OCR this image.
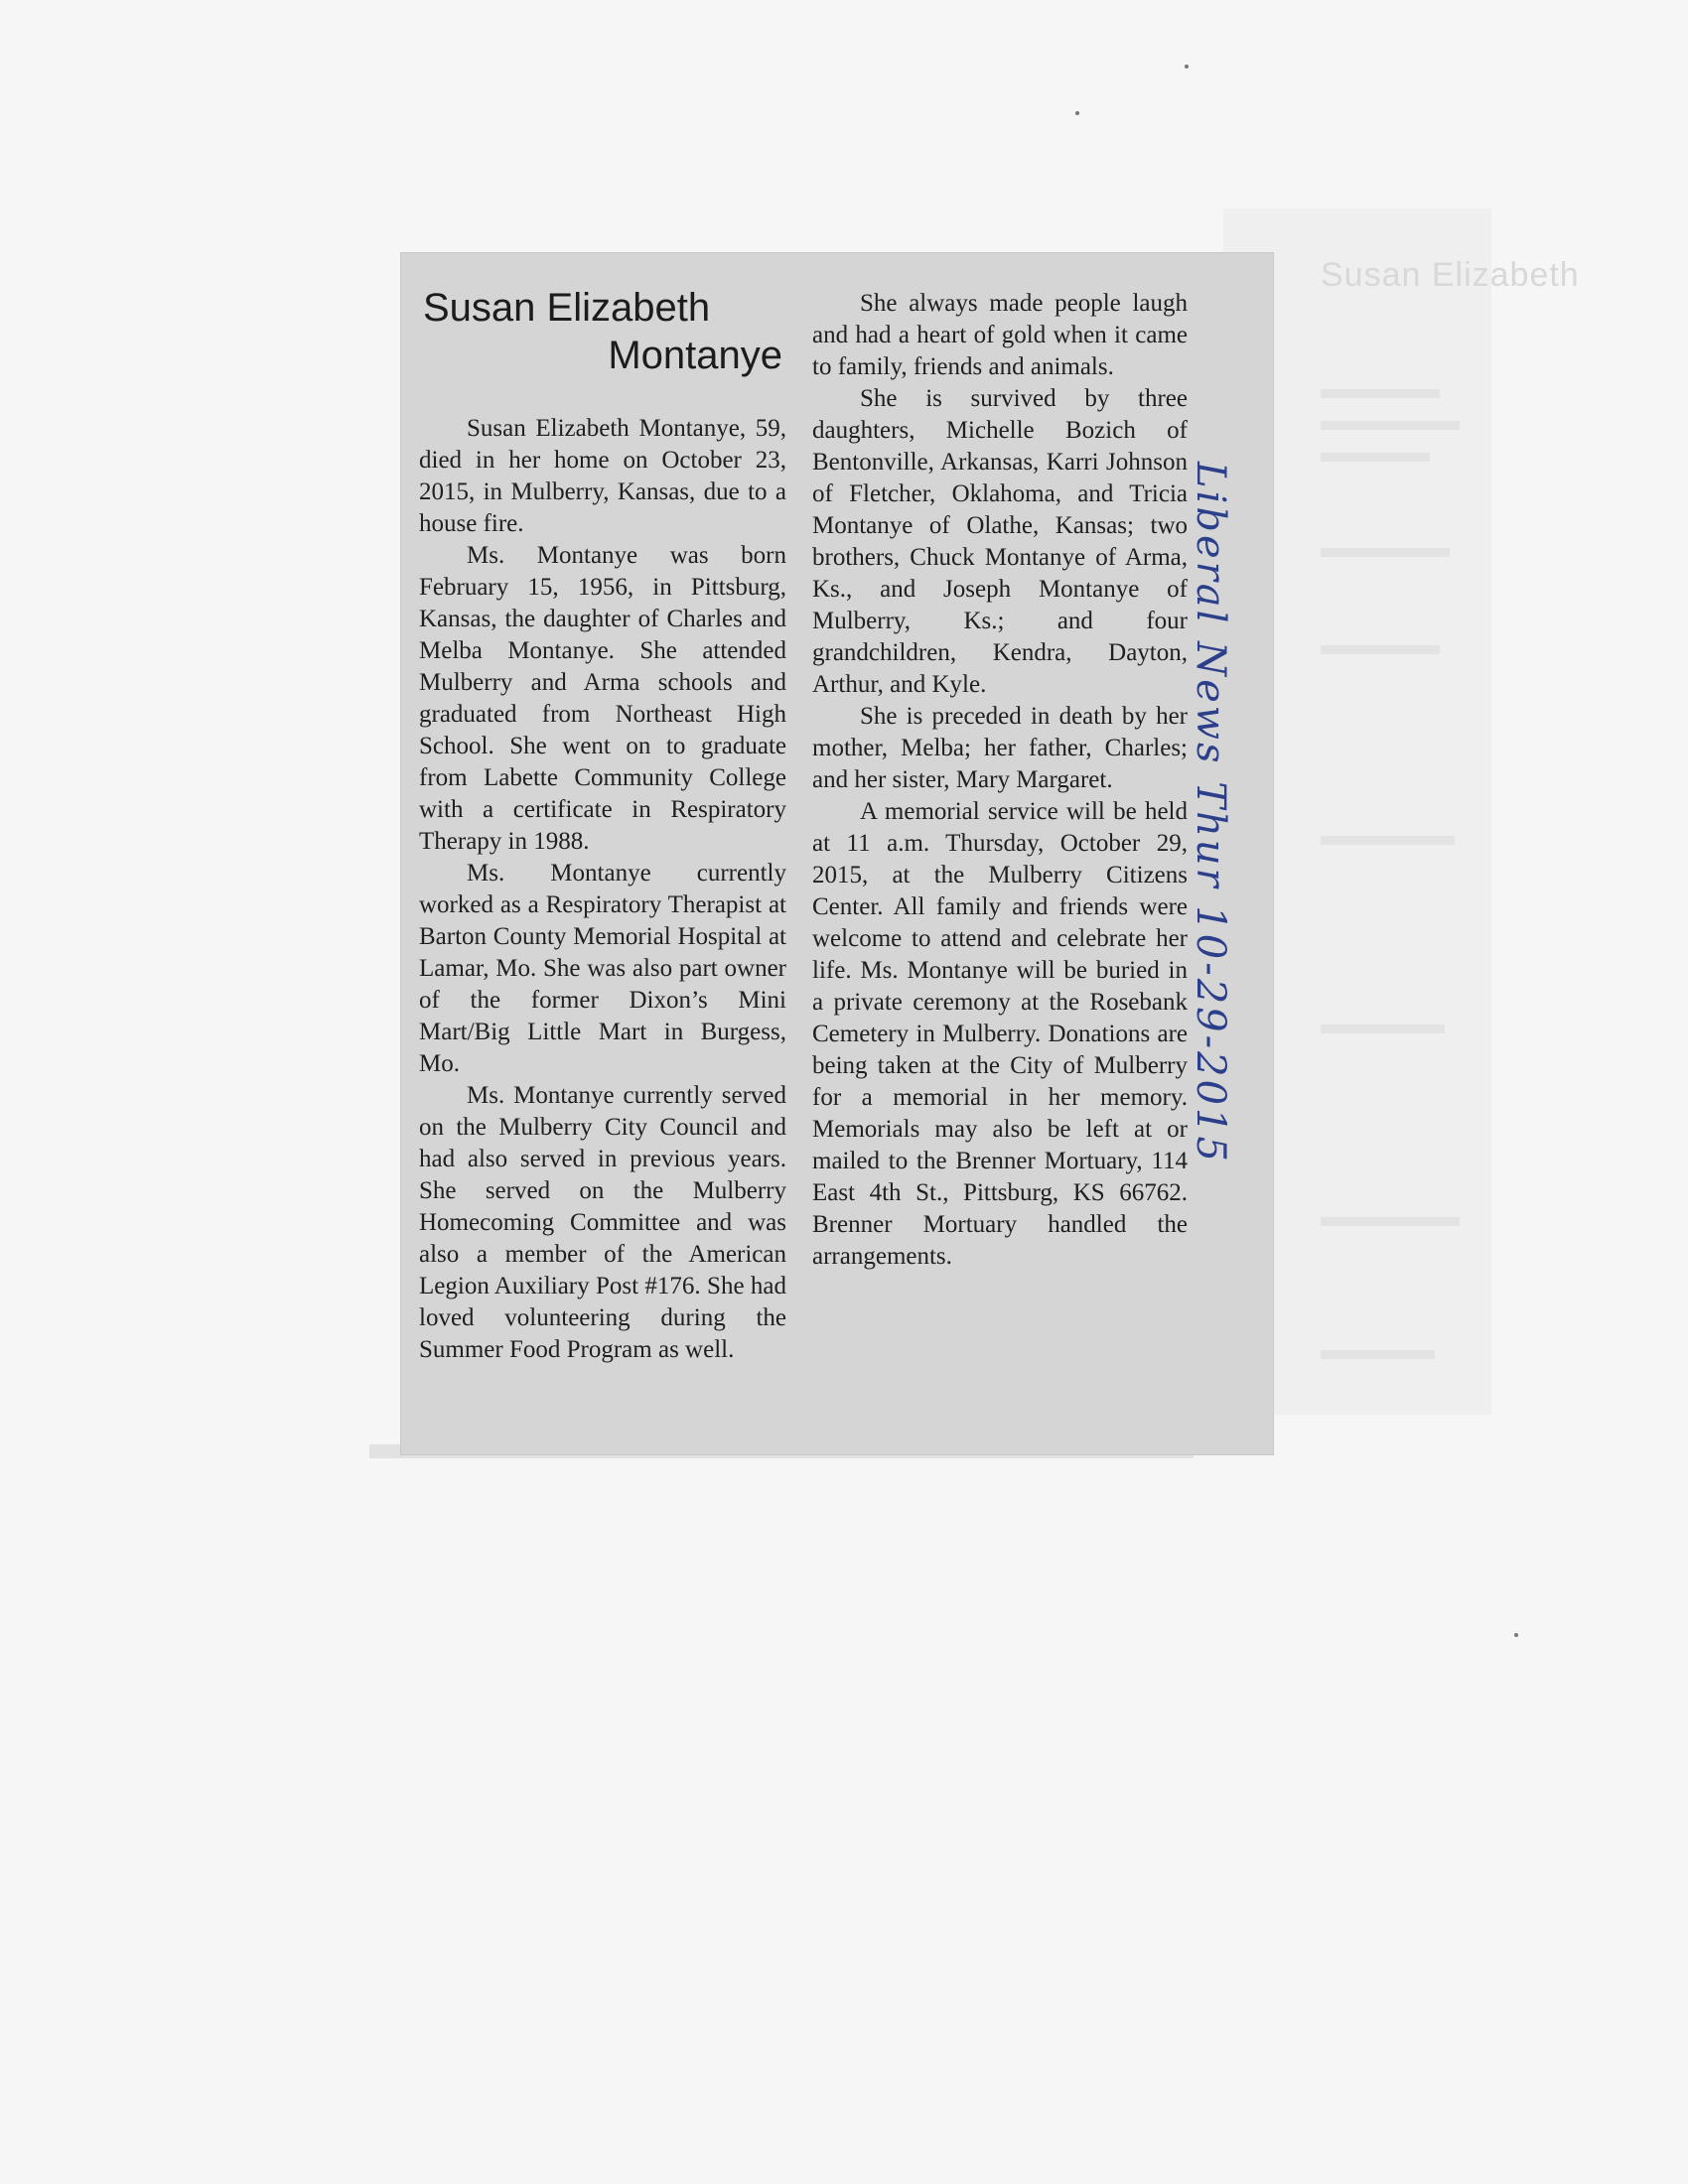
Susan Elizabeth
Susan Elizabeth
Montanye

Susan Elizabeth Montanye, 59, died in her home on October 23, 2015, in Mulberry, Kansas, due to a house fire.

Ms. Montanye was born February 15, 1956, in Pittsburg, Kansas, the daughter of Charles and Melba Montanye. She attended Mulberry and Arma schools and graduated from Northeast High School. She went on to graduate from Labette Community College with a certificate in Respiratory Therapy in 1988.

Ms. Montanye currently worked as a Respiratory Therapist at Barton County Memorial Hospital at Lamar, Mo. She was also part owner of the former Dixon’s Mini Mart/Big Little Mart in Burgess, Mo.

Ms. Montanye currently served on the Mulberry City Council and had also served in previous years. She served on the Mulberry Homecoming Committee and was also a member of the American Legion Auxiliary Post #176. She had loved volunteering during the Summer Food Program as well.

She always made people laugh and had a heart of gold when it came to family, friends and animals.

She is survived by three daughters, Michelle Bozich of Bentonville, Arkansas, Karri Johnson of Fletcher, Oklahoma, and Tricia Montanye of Olathe, Kansas; two brothers, Chuck Montanye of Arma, Ks., and Joseph Montanye of Mulberry, Ks.; and four grandchildren, Kendra, Dayton, Arthur, and Kyle.

She is preceded in death by her mother, Melba; her father, Charles; and her sister, Mary Margaret.

A memorial service will be held at 11 a.m. Thursday, October 29, 2015, at the Mulberry Citizens Center. All family and friends were welcome to attend and celebrate her life. Ms. Montanye will be buried in a private ceremony at the Rosebank Cemetery in Mulberry. Donations are being taken at the City of Mulberry for a memorial in her memory. Memorials may also be left at or mailed to the Brenner Mortuary, 114 East 4th St., Pittsburg, KS 66762. Brenner Mortuary handled the arrangements.

Liberal News Thur 10-29-2015
